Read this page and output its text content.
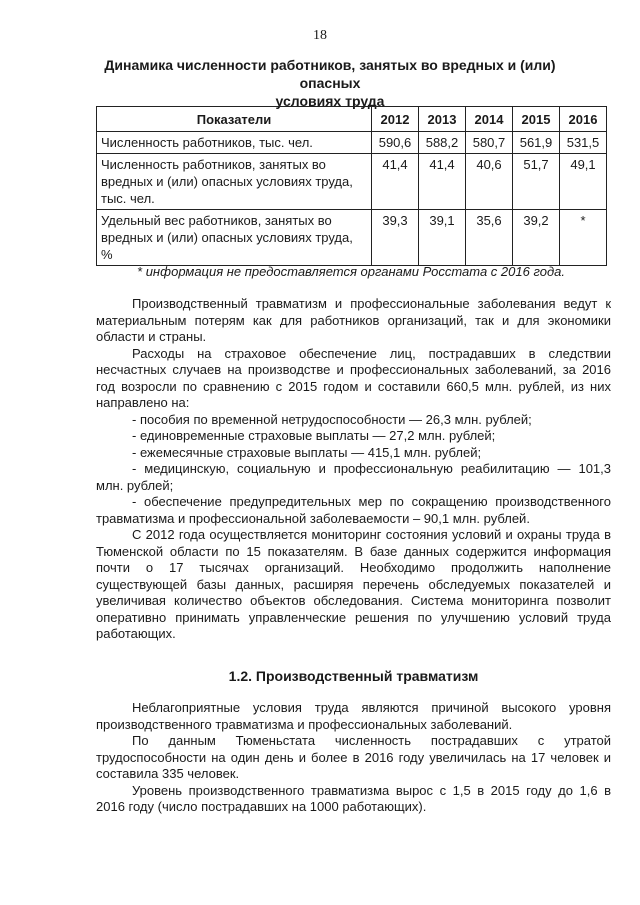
18
Динамика численности работников, занятых во вредных и (или) опасных
условиях труда
Показатели	2012	2013	2014	2015	2016
Численность работников, тыс. чел.	590,6	588,2	580,7	561,9	531,5
Численность работников, занятых во вредных и (или) опасных условиях труда, тыс. чел.	41,4	41,4	40,6	51,7	49,1
Удельный вес работников, занятых во вредных и (или) опасных условиях труда, %	39,3	39,1	35,6	39,2	*
* информация не предоставляется органами Росстата с 2016 года.

Производственный травматизм и профессиональные заболевания ведут к материальным потерям как для работников организаций, так и для экономики области и страны.

Расходы на страховое обеспечение лиц, пострадавших в следствии несчастных случаев на производстве и профессиональных заболеваний, за 2016 год возросли по сравнению с 2015 годом и составили 660,5 млн. рублей, из них направлено на:

- пособия по временной нетрудоспособности — 26,3 млн. рублей;

- единовременные страховые выплаты — 27,2 млн. рублей;

- ежемесячные страховые выплаты — 415,1 млн. рублей;

- медицинскую, социальную и профессиональную реабилитацию — 101,3 млн. рублей;

- обеспечение предупредительных мер по сокращению производственного травматизма и профессиональной заболеваемости – 90,1 млн. рублей.

С 2012 года осуществляется мониторинг состояния условий и охраны труда в Тюменской области по 15 показателям. В базе данных содержится информация почти о 17 тысячах организаций. Необходимо продолжить наполнение существующей базы данных, расширяя перечень обследуемых показателей и увеличивая количество объектов обследования. Система мониторинга позволит оперативно принимать управленческие решения по улучшению условий труда работающих.

1.2. Производственный травматизм

Неблагоприятные условия труда являются причиной высокого уровня производственного травматизма и профессиональных заболеваний.

По данным Тюменьстата численность пострадавших с утратой трудоспособности на один день и более в 2016 году увеличилась на 17 человек и составила 335 человек.

Уровень производственного травматизма вырос с 1,5 в 2015 году до 1,6 в 2016 году (число пострадавших на 1000 работающих).
